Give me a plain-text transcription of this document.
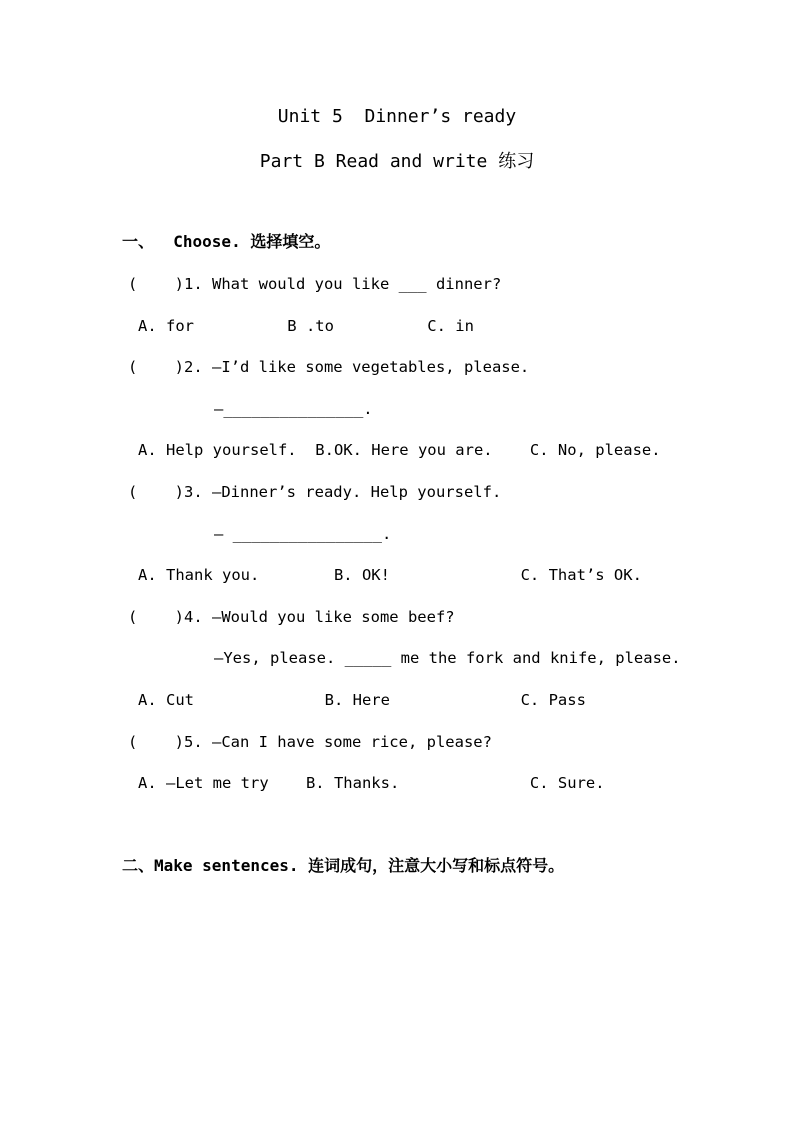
Unit 5  Dinner’s ready
Part B Read and write 练习
一、  Choose. 选择填空。
(    )1. What would you like ___ dinner?
A. for          B .to          C. in
(    )2. —I’d like some vegetables, please.
—_______________.
A. Help yourself.  B.OK. Here you are.    C. No, please.
(    )3. —Dinner’s ready. Help yourself.
— ________________.
A. Thank you.        B. OK!              C. That’s OK.
(    )4. —Would you like some beef?
—Yes, please. _____ me the fork and knife, please.
A. Cut              B. Here              C. Pass
(    )5. —Can I have some rice, please?
A. —Let me try    B. Thanks.              C. Sure.
二、Make sentences. 连词成句，注意大小写和标点符号。
